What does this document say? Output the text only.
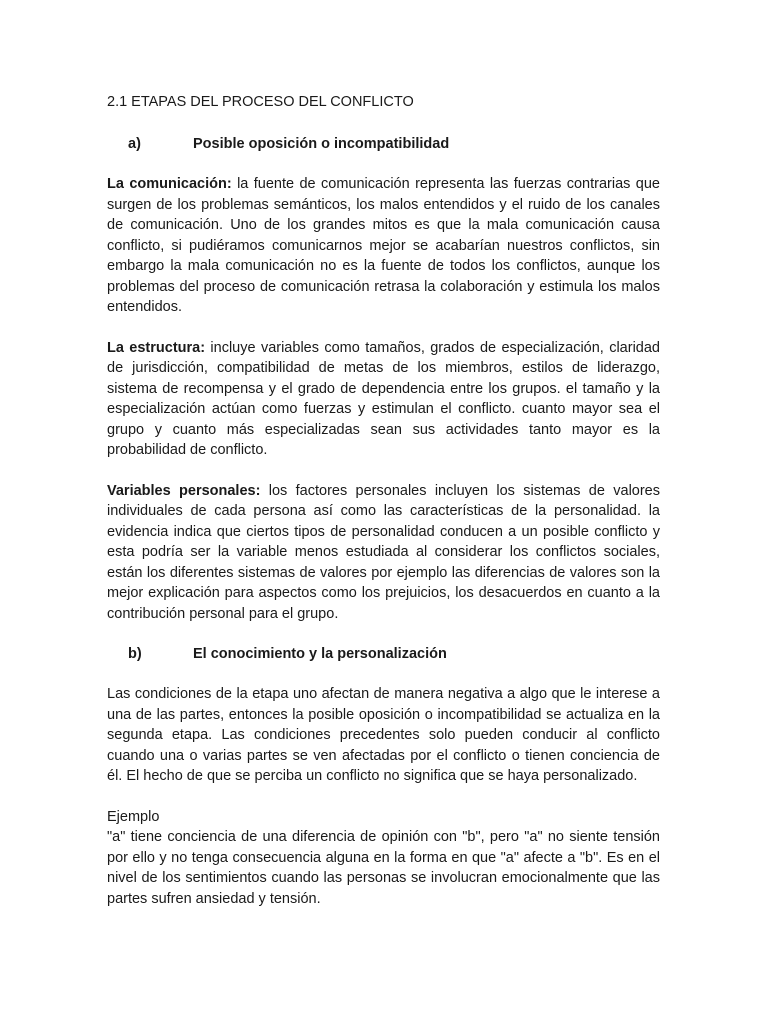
2.1 ETAPAS DEL PROCESO DEL CONFLICTO
a)	Posible oposición o incompatibilidad

La comunicación: la fuente de comunicación representa las fuerzas contrarias que surgen de los problemas semánticos, los malos entendidos y el ruido de los canales de comunicación. Uno de los grandes mitos es que la mala comunicación causa conflicto, si pudiéramos comunicarnos mejor se acabarían nuestros conflictos, sin embargo la mala comunicación no es la fuente de todos los conflictos, aunque los problemas del proceso de comunicación retrasa la colaboración y estimula los malos entendidos.

La estructura: incluye variables como tamaños, grados de especialización, claridad de jurisdicción, compatibilidad de metas de los miembros, estilos de liderazgo, sistema de recompensa y el grado de dependencia entre los grupos. el tamaño y la especialización actúan como fuerzas y estimulan el conflicto. cuanto mayor sea el grupo y cuanto más especializadas sean sus actividades tanto mayor es la probabilidad de conflicto.

Variables personales: los factores personales incluyen los sistemas de valores individuales de cada persona así como las características de la personalidad. la evidencia indica que ciertos tipos de personalidad conducen a un posible conflicto y esta podría ser la variable menos estudiada al considerar los conflictos sociales, están los diferentes sistemas de valores por ejemplo las diferencias de valores son la mejor explicación para aspectos como los prejuicios, los desacuerdos en cuanto a la contribución personal para el grupo.

b)	El conocimiento y la personalización

Las condiciones de la etapa uno afectan de manera negativa a algo que le interese a una de las partes, entonces la posible oposición o incompatibilidad se actualiza en la segunda etapa. Las condiciones precedentes solo pueden conducir al conflicto cuando una o varias partes se ven afectadas por el conflicto o tienen conciencia de él. El hecho de que se perciba un conflicto no significa que se haya personalizado.

Ejemplo

"a" tiene conciencia de una diferencia de opinión con "b", pero "a" no siente tensión por ello y no tenga consecuencia alguna en la forma en que "a" afecte a "b". Es en el nivel de los sentimientos cuando las personas se involucran emocionalmente que las partes sufren ansiedad y tensión.
